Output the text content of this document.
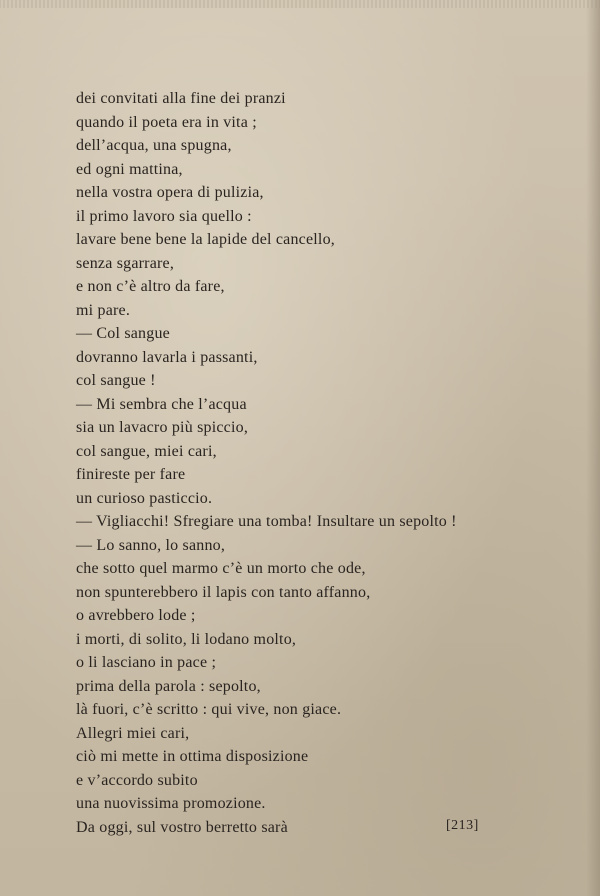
dei convitati alla fine dei pranzi
quando il poeta era in vita ;
dell’acqua, una spugna,
ed ogni mattina,
nella vostra opera di pulizia,
il primo lavoro sia quello :
lavare bene bene la lapide del cancello,
senza sgarrare,
e non c’è altro da fare,
mi pare.
— Col sangue
dovranno lavarla i passanti,
col sangue !
— Mi sembra che l’acqua
sia un lavacro più spiccio,
col sangue, miei cari,
finireste per fare
un curioso pasticcio.
— Vigliacchi! Sfregiare una tomba! Insultare un sepolto !
— Lo sanno, lo sanno,
che sotto quel marmo c’è un morto che ode,
non spunterebbero il lapis con tanto affanno,
o avrebbero lode ;
i morti, di solito, li lodano molto,
o li lasciano in pace ;
prima della parola : sepolto,
là fuori, c’è scritto : qui vive, non giace.
Allegri miei cari,
ciò mi mette in ottima disposizione
e v’accordo subito
una nuovissima promozione.
Da oggi, sul vostro berretto sarà	[213]
